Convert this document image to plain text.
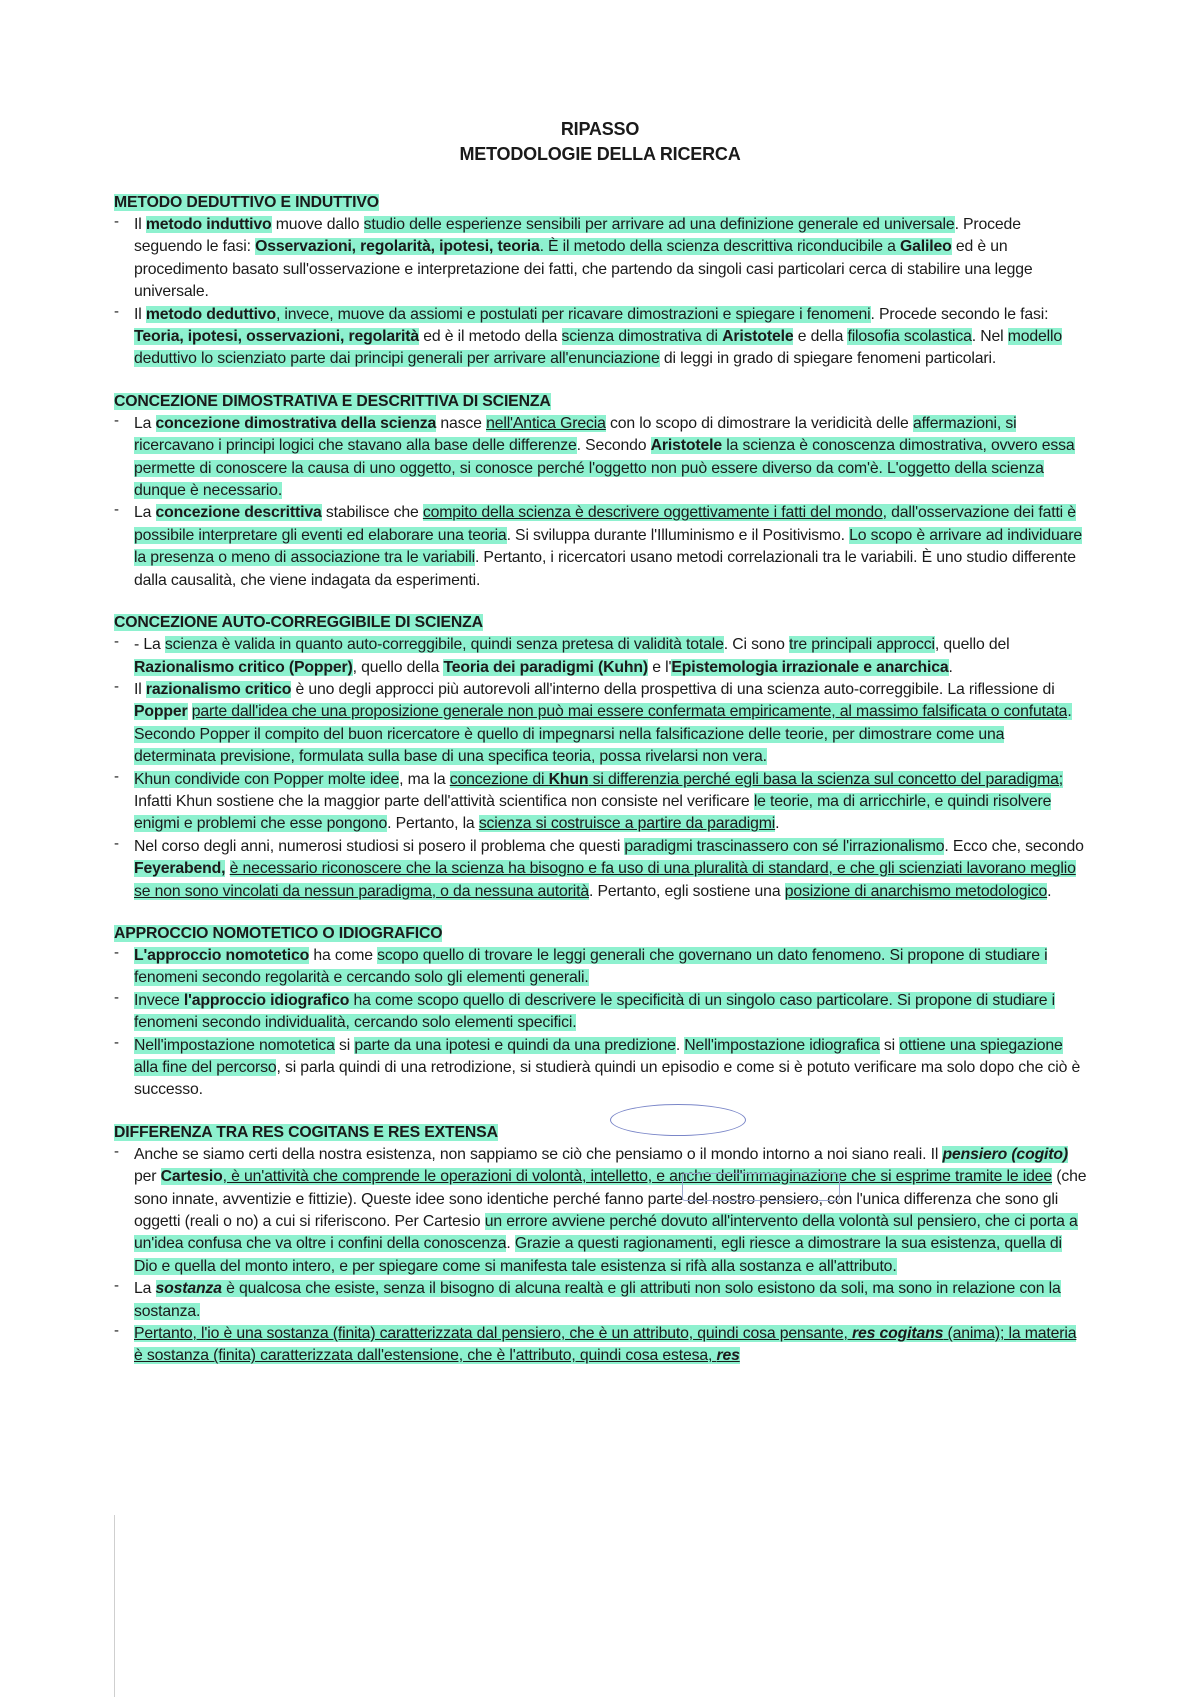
RIPASSO
METODOLOGIE DELLA RICERCA
METODO DEDUTTIVO E INDUTTIVO
- Il metodo induttivo muove dallo studio delle esperienze sensibili per arrivare ad una definizione generale ed universale. Procede seguendo le fasi: Osservazioni, regolarità, ipotesi, teoria. È il metodo della scienza descrittiva riconducibile a Galileo ed è un procedimento basato sull'osservazione e interpretazione dei fatti, che partendo da singoli casi particolari cerca di stabilire una legge universale.
- Il metodo deduttivo, invece, muove da assiomi e postulati per ricavare dimostrazioni e spiegare i fenomeni. Procede secondo le fasi: Teoria, ipotesi, osservazioni, regolarità ed è il metodo della scienza dimostrativa di Aristotele e della filosofia scolastica. Nel modello deduttivo lo scienziato parte dai principi generali per arrivare all'enunciazione di leggi in grado di spiegare fenomeni particolari.
CONCEZIONE DIMOSTRATIVA E DESCRITTIVA DI SCIENZA
- La concezione dimostrativa della scienza nasce nell'Antica Grecia con lo scopo di dimostrare la veridicità delle affermazioni, si ricercavano i principi logici che stavano alla base delle differenze. Secondo Aristotele la scienza è conoscenza dimostrativa, ovvero essa permette di conoscere la causa di uno oggetto, si conosce perché l'oggetto non può essere diverso da com'è. L'oggetto della scienza dunque è necessario.
- La concezione descrittiva stabilisce che compito della scienza è descrivere oggettivamente i fatti del mondo, dall'osservazione dei fatti è possibile interpretare gli eventi ed elaborare una teoria. Si sviluppa durante l'Illuminismo e il Positivismo. Lo scopo è arrivare ad individuare la presenza o meno di associazione tra le variabili. Pertanto, i ricercatori usano metodi correlazionali tra le variabili. È uno studio differente dalla causalità, che viene indagata da esperimenti.
CONCEZIONE AUTO-CORREGGIBILE DI SCIENZA
- - La scienza è valida in quanto auto-correggibile, quindi senza pretesa di validità totale. Ci sono tre principali approcci, quello del Razionalismo critico (Popper), quello della Teoria dei paradigmi (Kuhn) e l'Epistemologia irrazionale e anarchica.
- Il razionalismo critico è uno degli approcci più autorevoli all'interno della prospettiva di una scienza auto-correggibile. La riflessione di Popper parte dall'idea che una proposizione generale non può mai essere confermata empiricamente, al massimo falsificata o confutata. Secondo Popper il compito del buon ricercatore è quello di impegnarsi nella falsificazione delle teorie, per dimostrare come una determinata previsione, formulata sulla base di una specifica teoria, possa rivelarsi non vera.
- Khun condivide con Popper molte idee, ma la concezione di Khun si differenzia perché egli basa la scienza sul concetto del paradigma; Infatti Khun sostiene che la maggior parte dell'attività scientifica non consiste nel verificare le teorie, ma di arricchirle, e quindi risolvere enigmi e problemi che esse pongono. Pertanto, la scienza si costruisce a partire da paradigmi.
- Nel corso degli anni, numerosi studiosi si posero il problema che questi paradigmi trascinassero con sé l'irrazionalismo. Ecco che, secondo Feyerabend, è necessario riconoscere che la scienza ha bisogno e fa uso di una pluralità di standard, e che gli scienziati lavorano meglio se non sono vincolati da nessun paradigma, o da nessuna autorità. Pertanto, egli sostiene una posizione di anarchismo metodologico.
APPROCCIO NOMOTETICO O IDIOGRAFICO
- L'approccio nomotetico ha come scopo quello di trovare le leggi generali che governano un dato fenomeno. Si propone di studiare i fenomeni secondo regolarità e cercando solo gli elementi generali.
- Invece l'approccio idiografico ha come scopo quello di descrivere le specificità di un singolo caso particolare. Si propone di studiare i fenomeni secondo individualità, cercando solo elementi specifici.
- Nell'impostazione nomotetica si parte da una ipotesi e quindi da una predizione. Nell'impostazione idiografica si ottiene una spiegazione alla fine del percorso, si parla quindi di una retrodizione, si studierà quindi un episodio e come si è potuto verificare ma solo dopo che ciò è successo.
DIFFERENZA TRA RES COGITANS E RES EXTENSA
- Anche se siamo certi della nostra esistenza, non sappiamo se ciò che pensiamo o il mondo intorno a noi siano reali. Il pensiero (cogito) per Cartesio, è un'attività che comprende le operazioni di volontà, intelletto, e anche dell'immaginazione che si esprime tramite le idee (che sono innate, avventizie e fittizie). Queste idee sono identiche perché fanno parte del nostro pensiero, con l'unica differenza che sono gli oggetti (reali o no) a cui si riferiscono. Per Cartesio un errore avviene perché dovuto all'intervento della volontà sul pensiero, che ci porta a un'idea confusa che va oltre i confini della conoscenza. Grazie a questi ragionamenti, egli riesce a dimostrare la sua esistenza, quella di Dio e quella del monto intero, e per spiegare come si manifesta tale esistenza si rifà alla sostanza e all'attributo.
- La sostanza è qualcosa che esiste, senza il bisogno di alcuna realtà e gli attributi non solo esistono da soli, ma sono in relazione con la sostanza.
- Pertanto, l'io è una sostanza (finita) caratterizzata dal pensiero, che è un attributo, quindi cosa pensante, res cogitans (anima); la materia è sostanza (finita) caratterizzata dall'estensione, che è l'attributo, quindi cosa estesa, res
